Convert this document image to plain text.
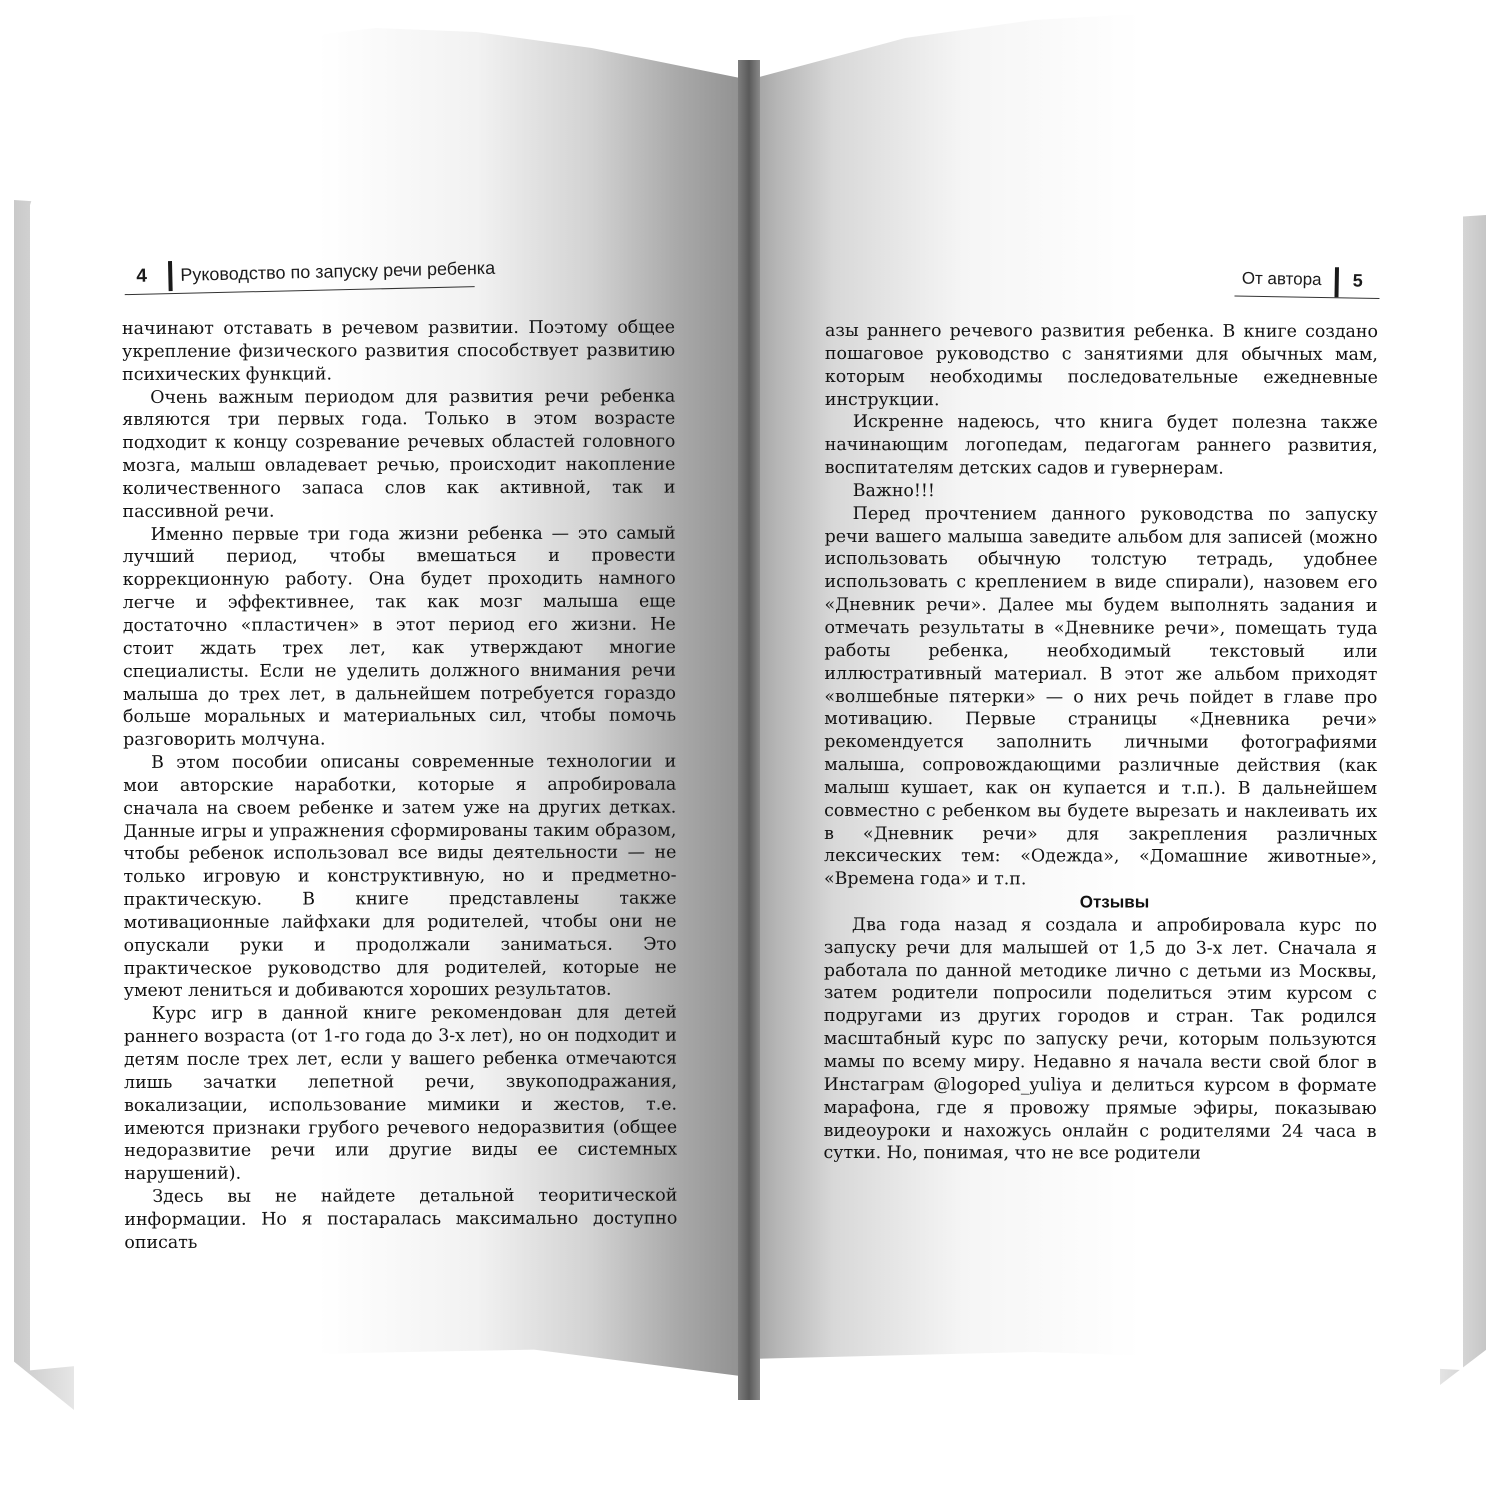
4 Руководство по запуску речи ребенка	От автора 5

начинают отставать в речевом развитии. Поэтому общее укрепление физического развития способствует развитию психических функций.

Очень важным периодом для развития речи ребенка являются три первых года. Только в этом возрасте подходит к концу созревание речевых областей головного мозга, малыш овладевает речью, происходит накопление количественного запаса слов как активной, так и пассивной речи.

Именно первые три года жизни ребенка — это самый лучший период, чтобы вмешаться и провести коррекционную работу. Она будет проходить намного легче и эффективнее, так как мозг малыша еще достаточно «пластичен» в этот период его жизни. Не стоит ждать трех лет, как утверждают многие специалисты. Если не уделить должного внимания речи малыша до трех лет, в дальнейшем потребуется гораздо больше моральных и материальных сил, чтобы помочь разговорить молчуна.

В этом пособии описаны современные технологии и мои авторские наработки, которые я апробировала сначала на своем ребенке и затем уже на других детках. Данные игры и упражнения сформированы таким образом, чтобы ребенок использовал все виды деятельности — не только игровую и конструктивную, но и предметно-практическую. В книге представлены также мотивационные лайфхаки для родителей, чтобы они не опускали руки и продолжали заниматься. Это практическое руководство для родителей, которые не умеют лениться и добиваются хороших результатов.

Курс игр в данной книге рекомендован для детей раннего возраста (от 1-го года до 3-х лет), но он подходит и детям после трех лет, если у вашего ребенка отмечаются лишь зачатки лепетной речи, звукоподражания, вокализации, использование мимики и жестов, т.е. имеются признаки грубого речевого недоразвития (общее недоразвитие речи или другие виды ее системных нарушений).

Здесь вы не найдете детальной теоритической информации. Но я постаралась максимально доступно описать

азы раннего речевого развития ребенка. В книге создано пошаговое руководство с занятиями для обычных мам, которым необходимы последовательные ежедневные инструкции.

Искренне надеюсь, что книга будет полезна также начинающим логопедам, педагогам раннего развития, воспитателям детских садов и гувернерам.

Важно!!!

Перед прочтением данного руководства по запуску речи вашего малыша заведите альбом для записей (можно использовать обычную толстую тетрадь, удобнее использовать с креплением в виде спирали), назовем его «Дневник речи». Далее мы будем выполнять задания и отмечать результаты в «Дневнике речи», помещать туда работы ребенка, необходимый текстовый или иллюстративный материал. В этот же альбом приходят «волшебные пятерки» — о них речь пойдет в главе про мотивацию. Первые страницы «Дневника речи» рекомендуется заполнить личными фотографиями малыша, сопровождающими различные действия (как малыш кушает, как он купается и т.п.). В дальнейшем совместно с ребенком вы будете вырезать и наклеивать их в «Дневник речи» для закрепления различных лексических тем: «Одежда», «Домашние животные», «Времена года» и т.п.

Отзывы

Два года назад я создала и апробировала курс по запуску речи для малышей от 1,5 до 3-х лет. Сначала я работала по данной методике лично с детьми из Москвы, затем родители попросили поделиться этим курсом с подругами из других городов и стран. Так родился масштабный курс по запуску речи, которым пользуются мамы по всему миру. Недавно я начала вести свой блог в Инстаграм @logoped_yuliya и делиться курсом в формате марафона, где я провожу прямые эфиры, показываю видеоуроки и нахожусь онлайн с родителями 24 часа в сутки. Но, понимая, что не все родители
